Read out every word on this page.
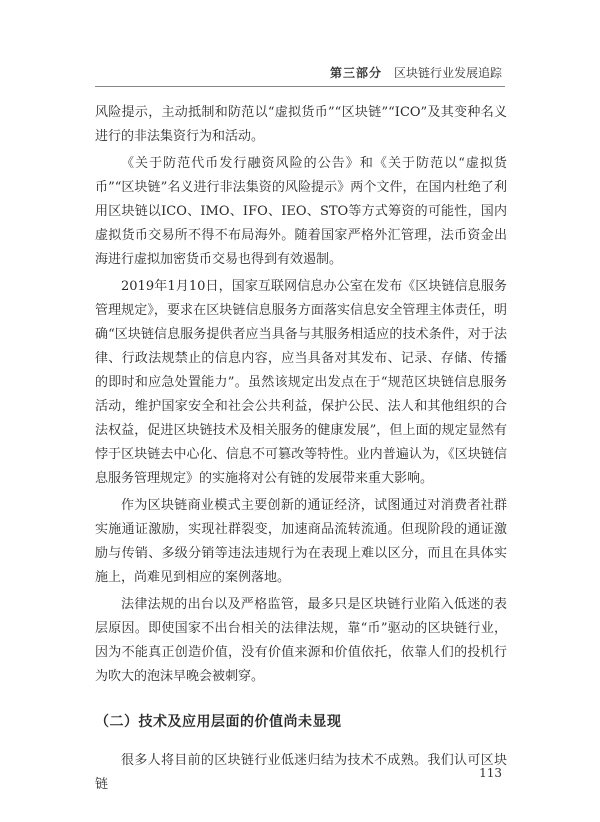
第三部分 区块链行业发展追踪

风险提示，主动抵制和防范以“虚拟货币”“区块链”“ICO”及其变种名义进行的非法集资行为和活动。

《关于防范代币发行融资风险的公告》和《关于防范以“虚拟货币”“区块链”名义进行非法集资的风险提示》两个文件，在国内杜绝了利用区块链以ICO、IMO、IFO、IEO、STO等方式筹资的可能性，国内虚拟货币交易所不得不布局海外。随着国家严格外汇管理，法币资金出海进行虚拟加密货币交易也得到有效遏制。

2019年1月10日，国家互联网信息办公室在发布《区块链信息服务管理规定》，要求在区块链信息服务方面落实信息安全管理主体责任，明确“区块链信息服务提供者应当具备与其服务相适应的技术条件，对于法律、行政法规禁止的信息内容，应当具备对其发布、记录、存储、传播的即时和应急处置能力”。虽然该规定出发点在于“规范区块链信息服务活动，维护国家安全和社会公共利益，保护公民、法人和其他组织的合法权益，促进区块链技术及相关服务的健康发展”，但上面的规定显然有悖于区块链去中心化、信息不可篡改等特性。业内普遍认为，《区块链信息服务管理规定》的实施将对公有链的发展带来重大影响。

作为区块链商业模式主要创新的通证经济，试图通过对消费者社群实施通证激励，实现社群裂变，加速商品流转流通。但现阶段的通证激励与传销、多级分销等违法违规行为在表现上难以区分，而且在具体实施上，尚难见到相应的案例落地。

法律法规的出台以及严格监管，最多只是区块链行业陷入低迷的表层原因。即使国家不出台相关的法律法规，靠“币”驱动的区块链行业，因为不能真正创造价值，没有价值来源和价值依托，依靠人们的投机行为吹大的泡沫早晚会被刺穿。

（二）技术及应用层面的价值尚未显现

很多人将目前的区块链行业低迷归结为技术不成熟。我们认可区块链

113
